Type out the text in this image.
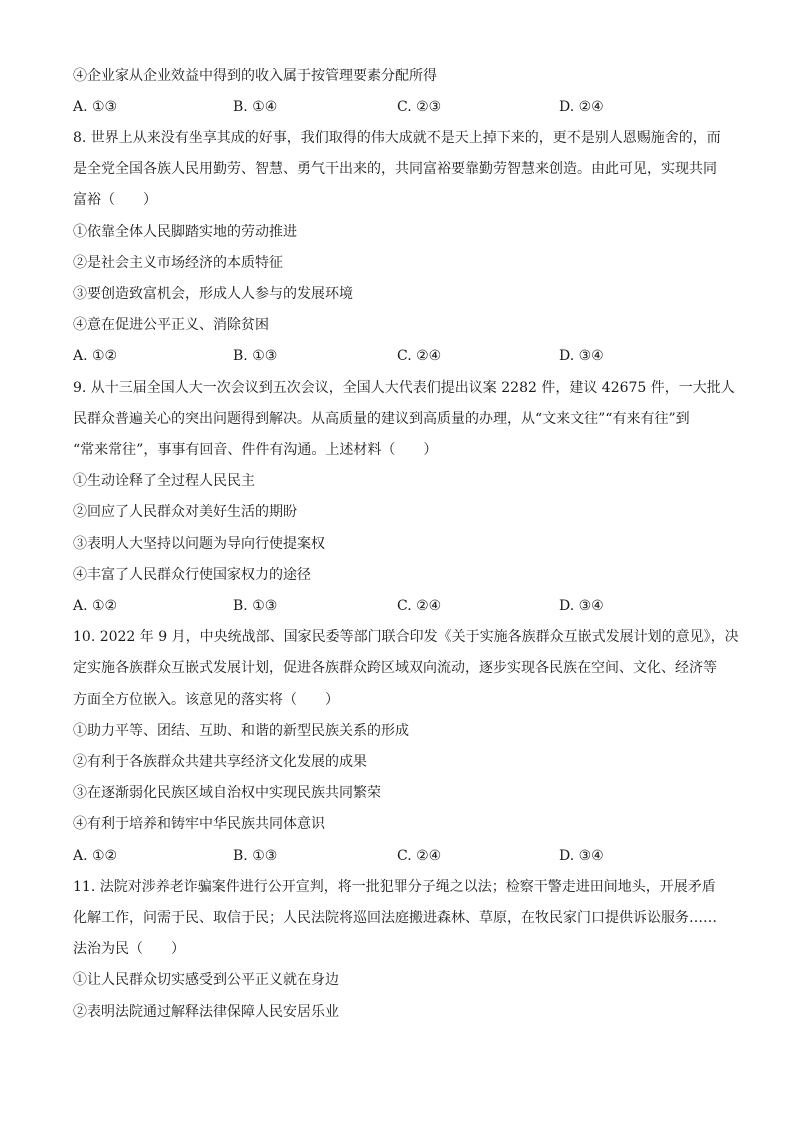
④企业家从企业效益中得到的收入属于按管理要素分配所得
A. ①③	B. ①④	C. ②③	D. ②④
8. 世界上从来没有坐享其成的好事，我们取得的伟大成就不是天上掉下来的，更不是别人恩赐施舍的，而
是全党全国各族人民用勤劳、智慧、勇气干出来的，共同富裕要靠勤劳智慧来创造。由此可见，实现共同
富裕（　　）
①依靠全体人民脚踏实地的劳动推进
②是社会主义市场经济的本质特征
③要创造致富机会，形成人人参与的发展环境
④意在促进公平正义、消除贫困
A. ①②	B. ①③	C. ②④	D. ③④
9. 从十三届全国人大一次会议到五次会议，全国人大代表们提出议案 2282 件，建议 42675 件，一大批人
民群众普遍关心的突出问题得到解决。从高质量的建议到高质量的办理，从“文来文往”“有来有往”到
“常来常往”，事事有回音、件件有沟通。上述材料（　　）
①生动诠释了全过程人民民主
②回应了人民群众对美好生活的期盼
③表明人大坚持以问题为导向行使提案权
④丰富了人民群众行使国家权力的途径
A. ①②	B. ①③	C. ②④	D. ③④
10. 2022 年 9 月，中央统战部、国家民委等部门联合印发《关于实施各族群众互嵌式发展计划的意见》，决
定实施各族群众互嵌式发展计划，促进各族群众跨区域双向流动，逐步实现各民族在空间、文化、经济等
方面全方位嵌入。该意见的落实将（　　）
①助力平等、团结、互助、和谐的新型民族关系的形成
②有利于各族群众共建共享经济文化发展的成果
③在逐渐弱化民族区域自治权中实现民族共同繁荣
④有利于培养和铸牢中华民族共同体意识
A. ①②	B. ①③	C. ②④	D. ③④
11. 法院对涉养老诈骗案件进行公开宣判，将一批犯罪分子绳之以法；检察干警走进田间地头，开展矛盾
化解工作，问需于民、取信于民；人民法院将巡回法庭搬进森林、草原，在牧民家门口提供诉讼服务……
法治为民（　　）
①让人民群众切实感受到公平正义就在身边
②表明法院通过解释法律保障人民安居乐业
